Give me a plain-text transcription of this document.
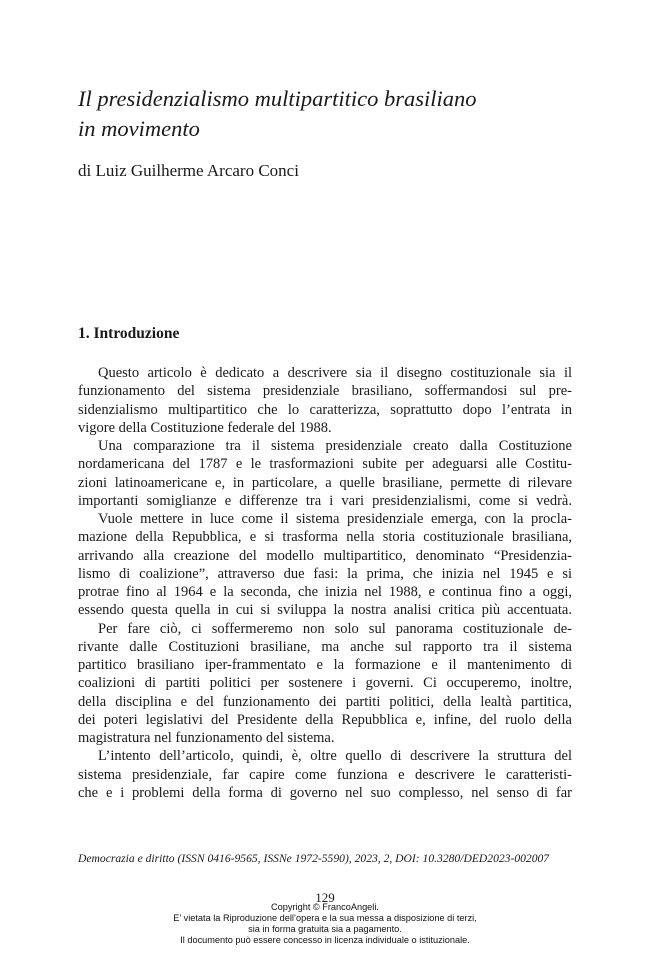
Il presidenzialismo multipartitico brasiliano
in movimento
di Luiz Guilherme Arcaro Conci
1. Introduzione
Questo articolo è dedicato a descrivere sia il disegno costituzionale sia il
funzionamento del sistema presidenziale brasiliano, soffermandosi sul pre-
sidenzialismo multipartitico che lo caratterizza, soprattutto dopo l’entrata in
vigore della Costituzione federale del 1988.
Una comparazione tra il sistema presidenziale creato dalla Costituzione
nordamericana del 1787 e le trasformazioni subite per adeguarsi alle Costitu-
zioni latinoamericane e, in particolare, a quelle brasiliane, permette di rilevare
importanti somiglianze e differenze tra i vari presidenzialismi, come si vedrà.
Vuole mettere in luce come il sistema presidenziale emerga, con la procla-
mazione della Repubblica, e si trasforma nella storia costituzionale brasiliana,
arrivando alla creazione del modello multipartitico, denominato “Presidenzia-
lismo di coalizione”, attraverso due fasi: la prima, che inizia nel 1945 e si
protrae fino al 1964 e la seconda, che inizia nel 1988, e continua fino a oggi,
essendo questa quella in cui si sviluppa la nostra analisi critica più accentuata.
Per fare ciò, ci soffermeremo non solo sul panorama costituzionale de-
rivante dalle Costituzioni brasiliane, ma anche sul rapporto tra il sistema
partitico brasiliano iper-frammentato e la formazione e il mantenimento di
coalizioni di partiti politici per sostenere i governi. Ci occuperemo, inoltre,
della disciplina e del funzionamento dei partiti politici, della lealtà partitica,
dei poteri legislativi del Presidente della Repubblica e, infine, del ruolo della
magistratura nel funzionamento del sistema.
L’intento dell’articolo, quindi, è, oltre quello di descrivere la struttura del
sistema presidenziale, far capire come funziona e descrivere le caratteristi-
che e i problemi della forma di governo nel suo complesso, nel senso di far
Democrazia e diritto (ISSN 0416-9565, ISSNe 1972-5590), 2023, 2, DOI: 10.3280/DED2023-002007
129
Copyright © FrancoAngeli.
E’ vietata la Riproduzione dell’opera e la sua messa a disposizione di terzi,
sia in forma gratuita sia a pagamento.
Il documento può essere concesso in licenza individuale o istituzionale.
